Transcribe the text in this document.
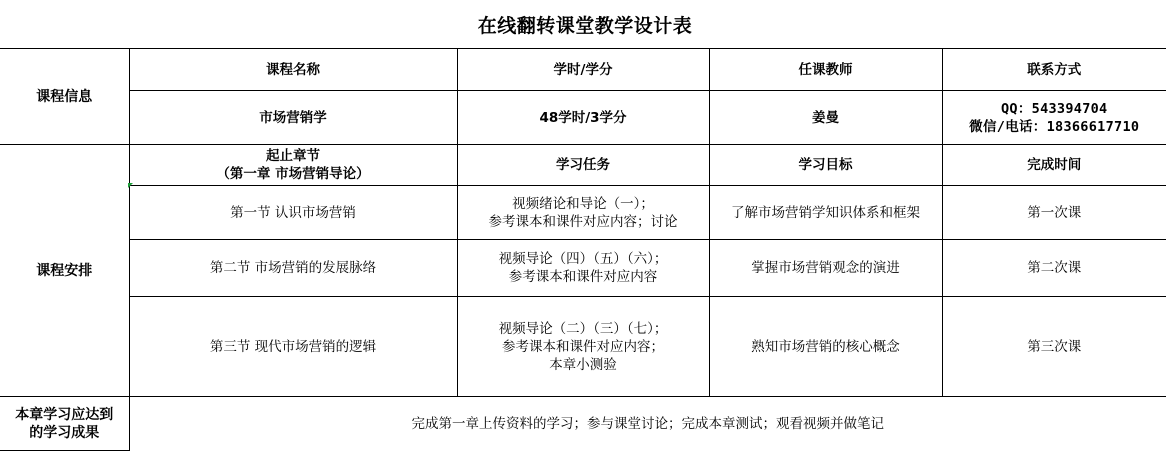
在线翻转课堂教学设计表
课程信息	课程名称	学时/学分	任课教师	联系方式
	市场营销学	48学时/3学分	姜曼	QQ：543394704
微信/电话：18366617710

课程安排	起止章节
（第一章 市场营销导论）	学习任务	学习目标	完成时间
	第一节 认识市场营销	视频绪论和导论（一）；
参考课本和课件对应内容；讨论	了解市场营销学知识体系和框架	第一次课
	第二节 市场营销的发展脉络	视频导论（四）（五）（六）；
参考课本和课件对应内容	掌握市场营销观念的演进	第二次课
	第三节 现代市场营销的逻辑	视频导论（二）（三）（七）；
参考课本和课件对应内容；
本章小测验	熟知市场营销的核心概念	第三次课

本章学习应达到
的学习成果	完成第一章上传资料的学习；参与课堂讨论；完成本章测试；观看视频并做笔记			
